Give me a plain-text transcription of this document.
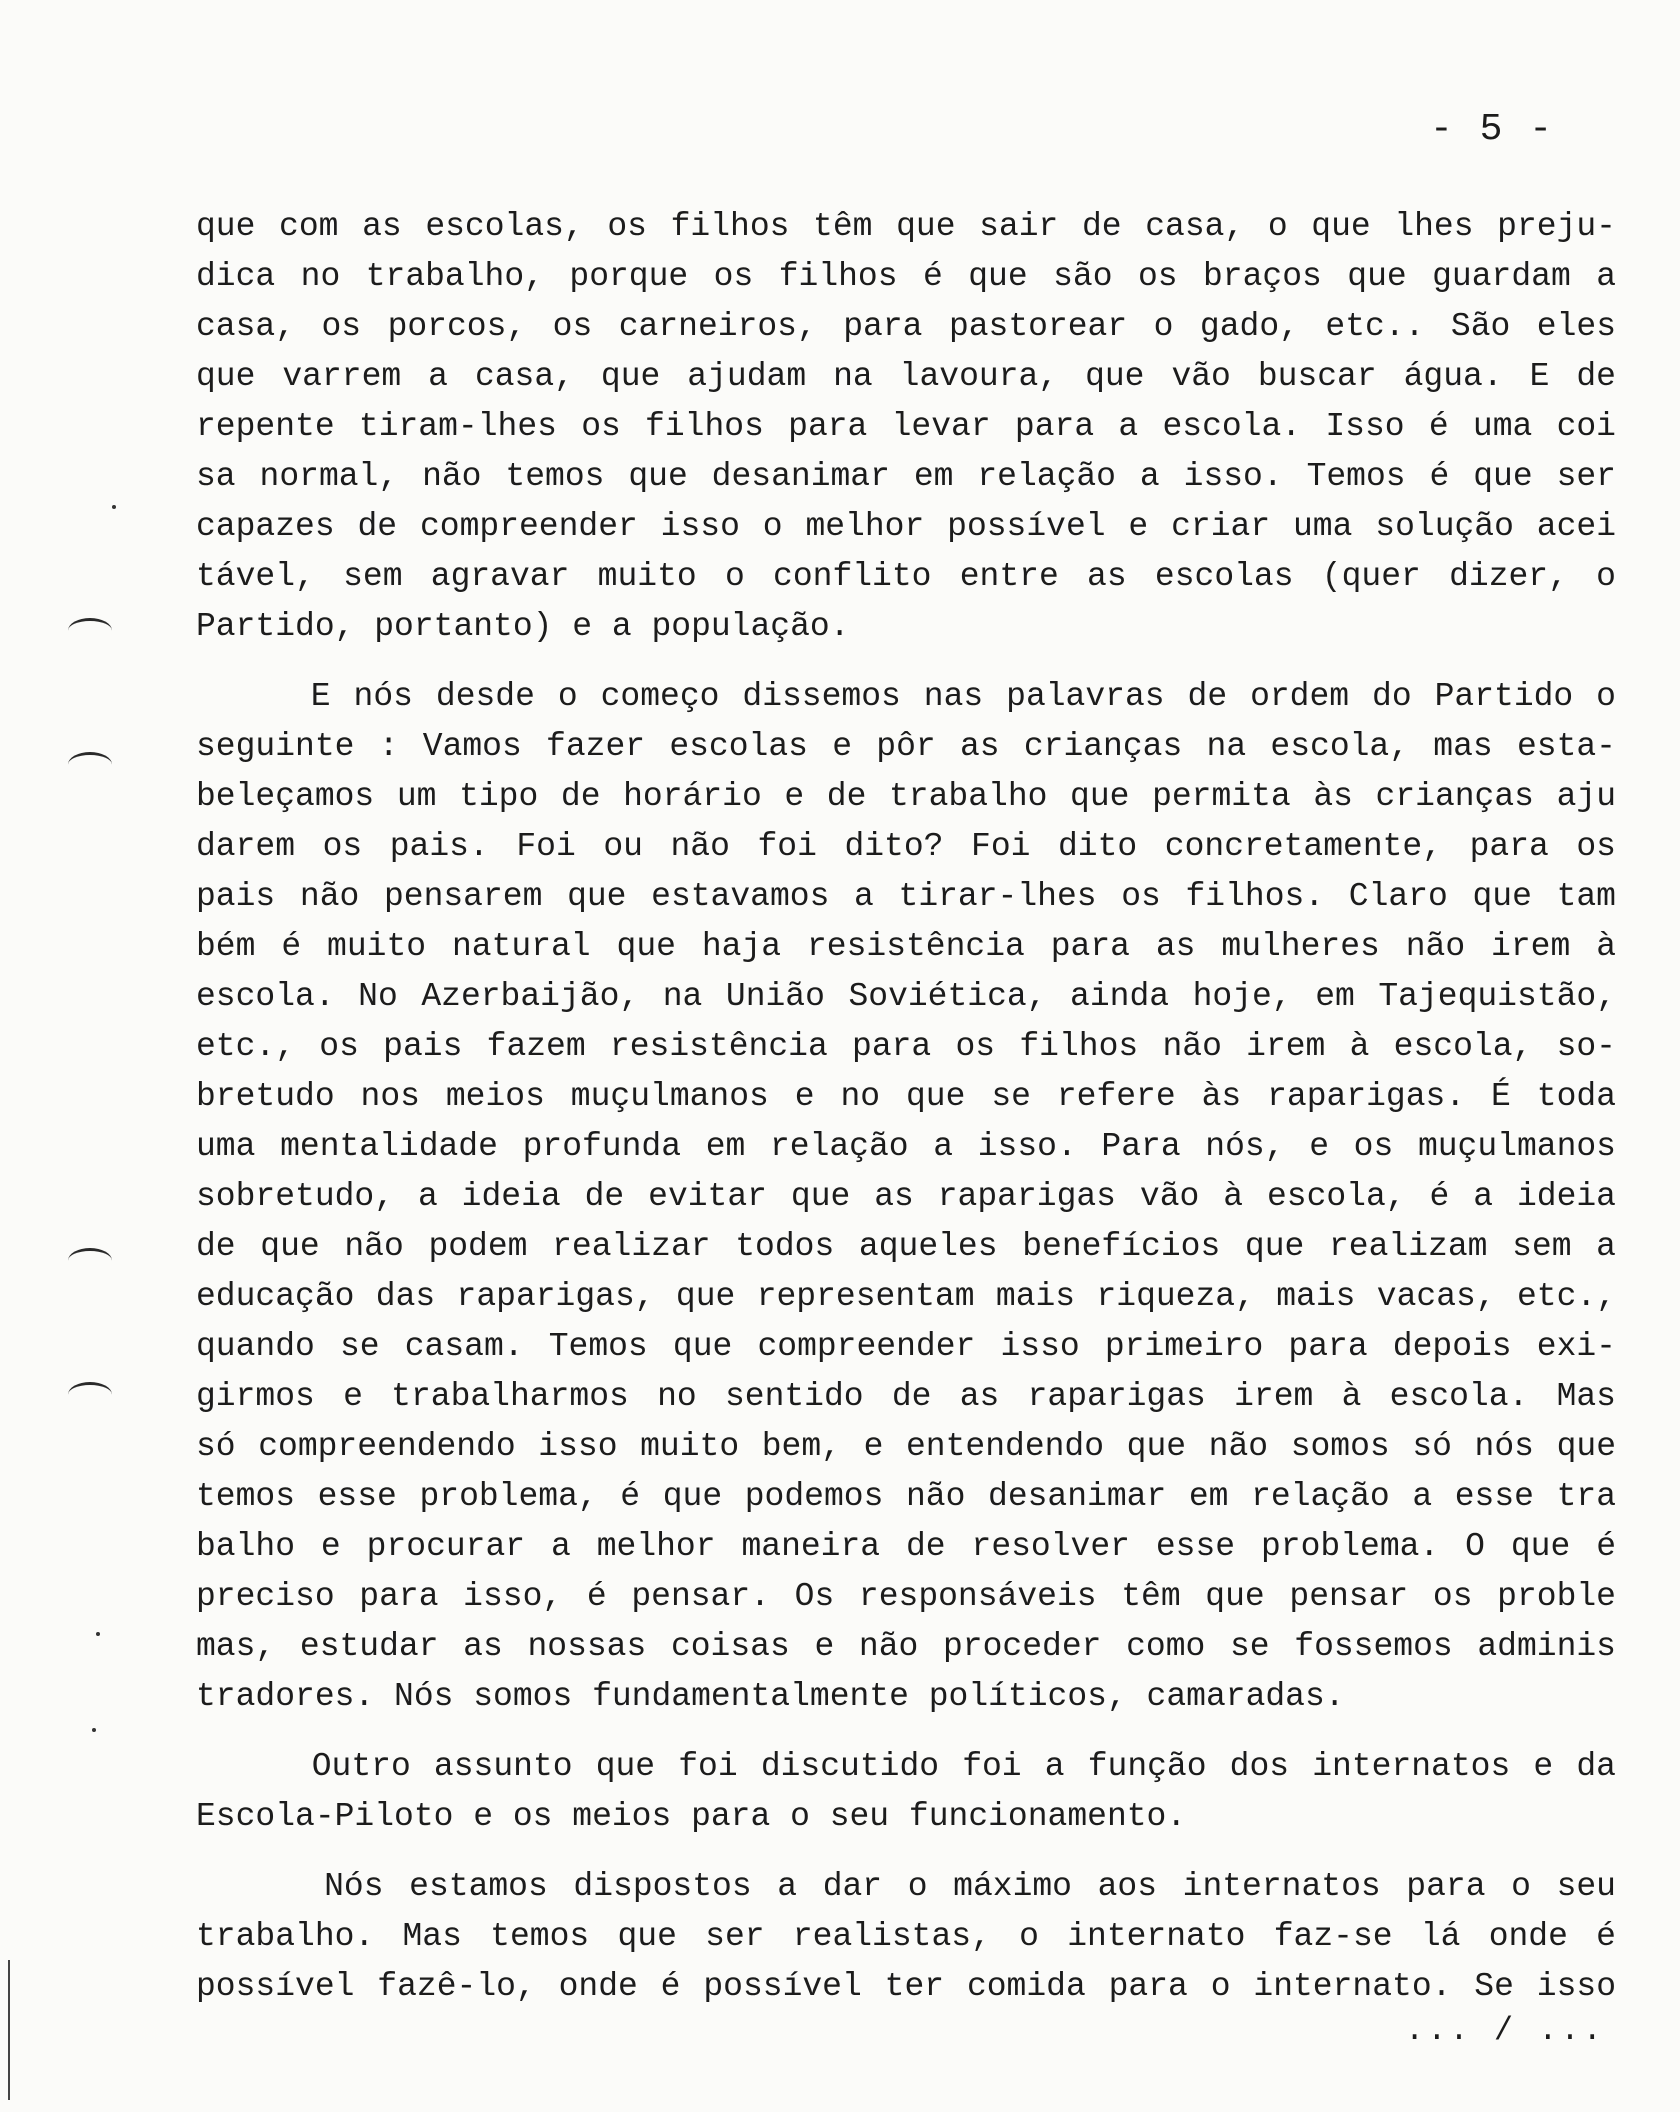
- 5 -
que com as escolas, os filhos têm que sair de casa, o que lhes preju-
dica no trabalho, porque os filhos é que são os braços que guardam a
casa, os porcos, os carneiros, para pastorear o gado, etc.. São eles
que varrem a casa, que ajudam na lavoura, que vão buscar água. E de
repente tiram-lhes os filhos para levar para a escola. Isso é uma coi
sa normal, não temos que desanimar em relação a isso. Temos é que ser
capazes de compreender isso o melhor possível e criar uma solução acei
tável, sem agravar muito o conflito entre as escolas (quer dizer, o
Partido, portanto) e a população.
E nós desde o começo dissemos nas palavras de ordem do Partido o
seguinte : Vamos fazer escolas e pôr as crianças na escola, mas esta-
beleçamos um tipo de horário e de trabalho que permita às crianças aju
darem os pais. Foi ou não foi dito? Foi dito concretamente, para os
pais não pensarem que estavamos a tirar-lhes os filhos. Claro que tam
bém é muito natural que haja resistência para as mulheres não irem à
escola. No Azerbaijão, na União Soviética, ainda hoje, em Tajequistão,
etc., os pais fazem resistência para os filhos não irem à escola, so-
bretudo nos meios muçulmanos e no que se refere às raparigas. É toda
uma mentalidade profunda em relação a isso. Para nós, e os muçulmanos
sobretudo, a ideia de evitar que as raparigas vão à escola, é a ideia
de que não podem realizar todos aqueles benefícios que realizam sem a
educação das raparigas, que representam mais riqueza, mais vacas, etc.,
quando se casam. Temos que compreender isso primeiro para depois exi-
girmos e trabalharmos no sentido de as raparigas irem à escola. Mas
só compreendendo isso muito bem, e entendendo que não somos só nós que
temos esse problema, é que podemos não desanimar em relação a esse tra
balho e procurar a melhor maneira de resolver esse problema. O que é
preciso para isso, é pensar. Os responsáveis têm que pensar os proble
mas, estudar as nossas coisas e não proceder como se fossemos adminis
tradores. Nós somos fundamentalmente políticos, camaradas.
Outro assunto que foi discutido foi a função dos internatos e da
Escola-Piloto e os meios para o seu funcionamento.
Nós estamos dispostos a dar o máximo aos internatos para o seu
trabalho. Mas temos que ser realistas, o internato faz-se lá onde é
possível fazê-lo, onde é possível ter comida para o internato. Se isso
... / ...
